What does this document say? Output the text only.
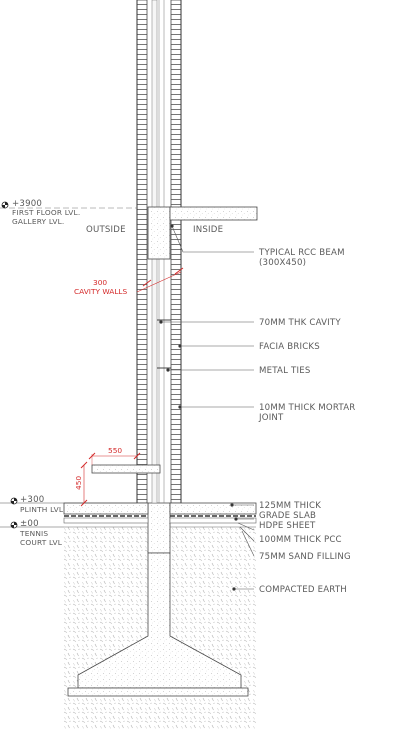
+3900
FIRST FLOOR LVL.
GALLERY LVL.
+300
PLINTH LVL
±00
TENNIS
COURT LVL
OUTSIDE	INSIDE
TYPICAL RCC BEAM
(300X450)
70MM THK CAVITY
FACIA BRICKS
METAL TIES
10MM THICK MORTAR
JOINT
125MM THICK
GRADE SLAB
HDPE SHEET
100MM THICK PCC
75MM SAND FILLING
COMPACTED EARTH
300
CAVITY WALLS
550
450
